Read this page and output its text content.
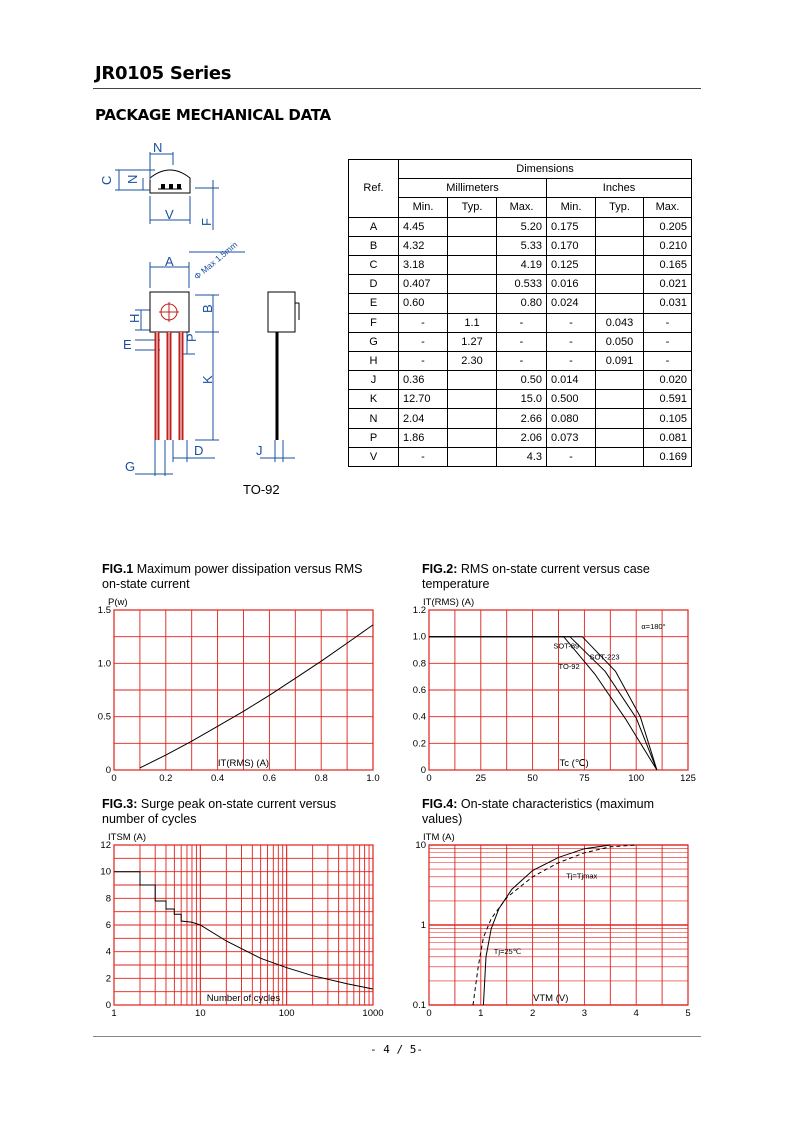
JR0105 Series
PACKAGE MECHANICAL DATA
N
C N
V
F
A
B
H
E	P
K
D
G
J
Φ Max 1.5mm
TO-92
Ref.	Dimensions					
	Millimeters			Inches		
	Min.	Typ.	Max.	Min.	Typ.	Max.
A	4.45		5.20	0.175		0.205
B	4.32		5.33	0.170		0.210
C	3.18		4.19	0.125		0.165
D	0.407		0.533	0.016		0.021
E	0.60		0.80	0.024		0.031
F	-	1.1	-	-	0.043	-
G	-	1.27	-	-	0.050	-
H	-	2.30	-	-	0.091	-
J	0.36		0.50	0.014		0.020
K	12.70		15.0	0.500		0.591
N	2.04		2.66	0.080		0.105
P	1.86		2.06	0.073		0.081
V	-		4.3	-		0.169
FIG.1 Maximum power dissipation versus RMS
on-state current
FIG.2: RMS on-state current versus case
temperature
FIG.3: Surge peak on-state current versus
number of cycles
FIG.4: On-state characteristics (maximum
values)
0	0.2	0.4	0.6	0.8	1.0
0
0.5
1.0
1.5
P(w)
IT(RMS) (A)
0	25	50	75	100	125
0
0.2
0.4
0.6
0.8
1.0
1.2
IT(RMS) (A)
Tc (℃)
TO-92
SOT-89
SOT-223
α=180°
1	10	100	1000
0
2
4
6
8
10
12
ITSM (A)
Number of cycles
0	1	2	3	4	5
0.1
1
10
ITM (A)
VTM (V)
Tj=25℃
Tj=Tjmax
- 4 / 5-
